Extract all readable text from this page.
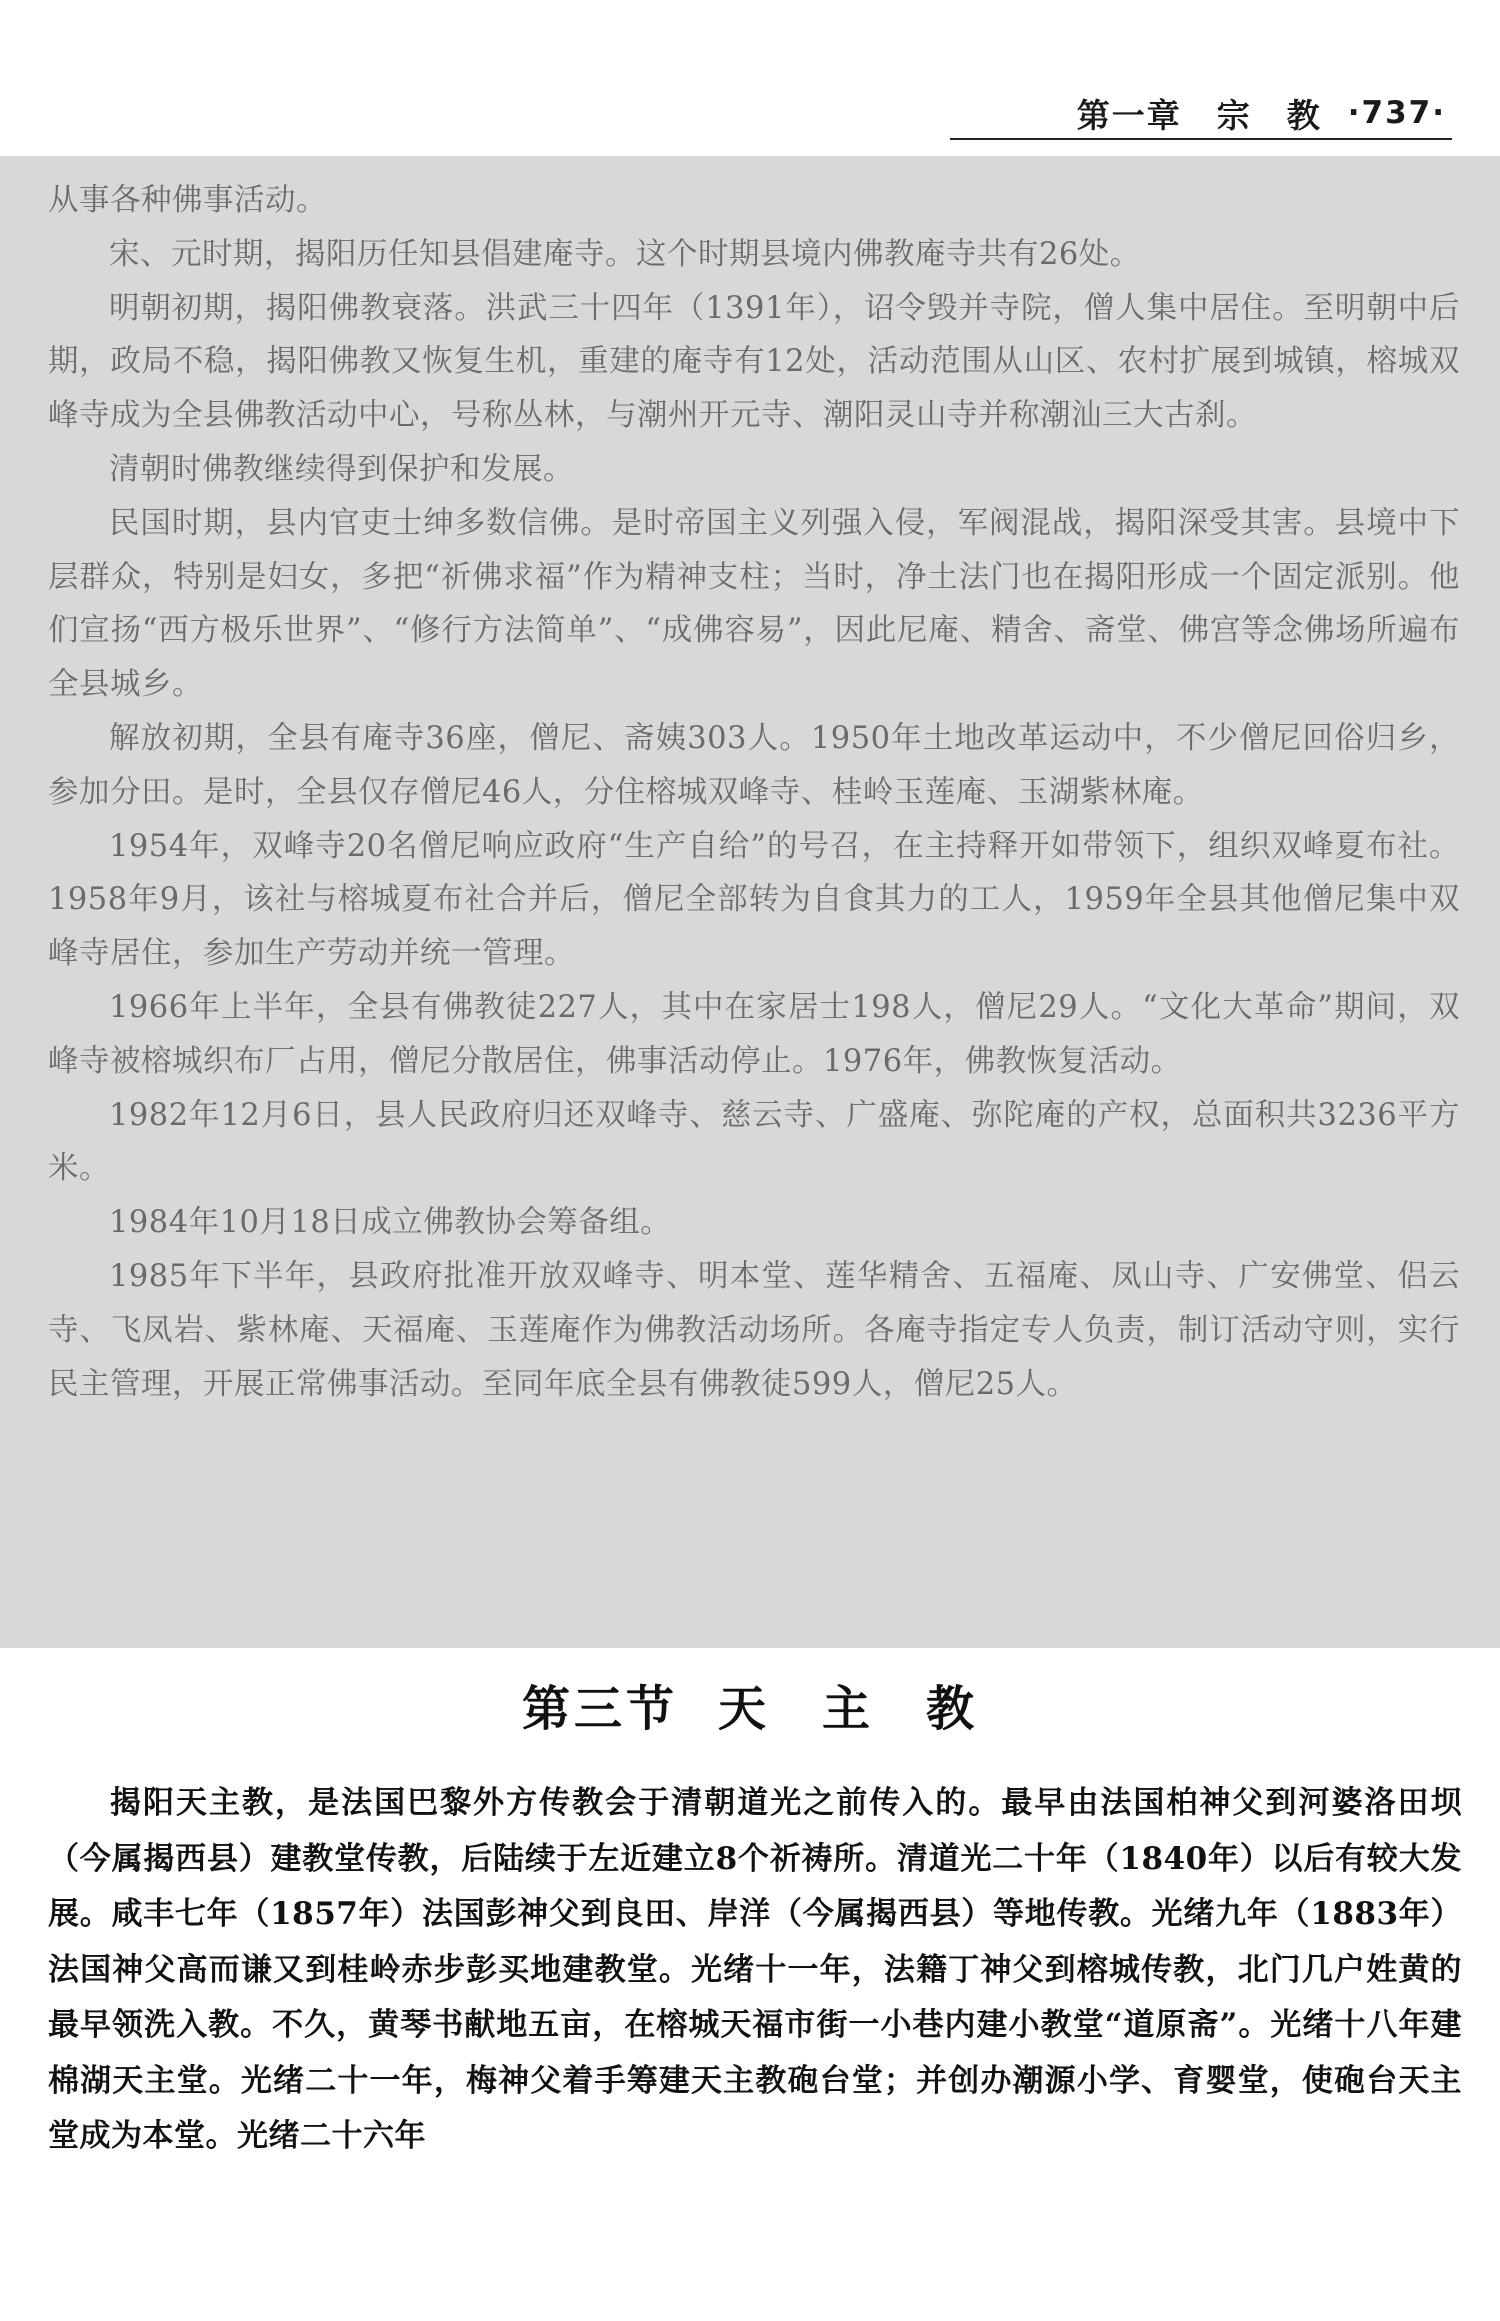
第一章　宗　教 ·737·

从事各种佛事活动。

宋、元时期，揭阳历任知县倡建庵寺。这个时期县境内佛教庵寺共有26处。

明朝初期，揭阳佛教衰落。洪武三十四年（1391年），诏令毁并寺院，僧人集中居住。至明朝中后期，政局不稳，揭阳佛教又恢复生机，重建的庵寺有12处，活动范围从山区、农村扩展到城镇，榕城双峰寺成为全县佛教活动中心，号称丛林，与潮州开元寺、潮阳灵山寺并称潮汕三大古刹。

清朝时佛教继续得到保护和发展。

民国时期，县内官吏士绅多数信佛。是时帝国主义列强入侵，军阀混战，揭阳深受其害。县境中下层群众，特别是妇女，多把“祈佛求福”作为精神支柱；当时，净土法门也在揭阳形成一个固定派别。他们宣扬“西方极乐世界”、“修行方法简单”、“成佛容易”，因此尼庵、精舍、斋堂、佛宫等念佛场所遍布全县城乡。

解放初期，全县有庵寺36座，僧尼、斋姨303人。1950年土地改革运动中，不少僧尼回俗归乡，参加分田。是时，全县仅存僧尼46人，分住榕城双峰寺、桂岭玉莲庵、玉湖紫林庵。

1954年，双峰寺20名僧尼响应政府“生产自给”的号召，在主持释开如带领下，组织双峰夏布社。1958年9月，该社与榕城夏布社合并后，僧尼全部转为自食其力的工人，1959年全县其他僧尼集中双峰寺居住，参加生产劳动并统一管理。

1966年上半年，全县有佛教徒227人，其中在家居士198人，僧尼29人。“文化大革命”期间，双峰寺被榕城织布厂占用，僧尼分散居住，佛事活动停止。1976年，佛教恢复活动。

1982年12月6日，县人民政府归还双峰寺、慈云寺、广盛庵、弥陀庵的产权，总面积共3236平方米。

1984年10月18日成立佛教协会筹备组。

1985年下半年，县政府批准开放双峰寺、明本堂、莲华精舍、五福庵、凤山寺、广安佛堂、侣云寺、飞凤岩、紫林庵、天福庵、玉莲庵作为佛教活动场所。各庵寺指定专人负责，制订活动守则，实行民主管理，开展正常佛事活动。至同年底全县有佛教徒599人，僧尼25人。

第三节 天　主　教

揭阳天主教，是法国巴黎外方传教会于清朝道光之前传入的。最早由法国柏神父到河婆洛田坝（今属揭西县）建教堂传教，后陆续于左近建立8个祈祷所。清道光二十年（1840年）以后有较大发展。咸丰七年（1857年）法国彭神父到良田、岸洋（今属揭西县）等地传教。光绪九年（1883年）法国神父高而谦又到桂岭赤步彭买地建教堂。光绪十一年，法籍丁神父到榕城传教，北门几户姓黄的最早领洗入教。不久，黄琴书献地五亩，在榕城天福市街一小巷内建小教堂“道原斋”。光绪十八年建棉湖天主堂。光绪二十一年，梅神父着手筹建天主教砲台堂；并创办潮源小学、育婴堂，使砲台天主堂成为本堂。光绪二十六年
